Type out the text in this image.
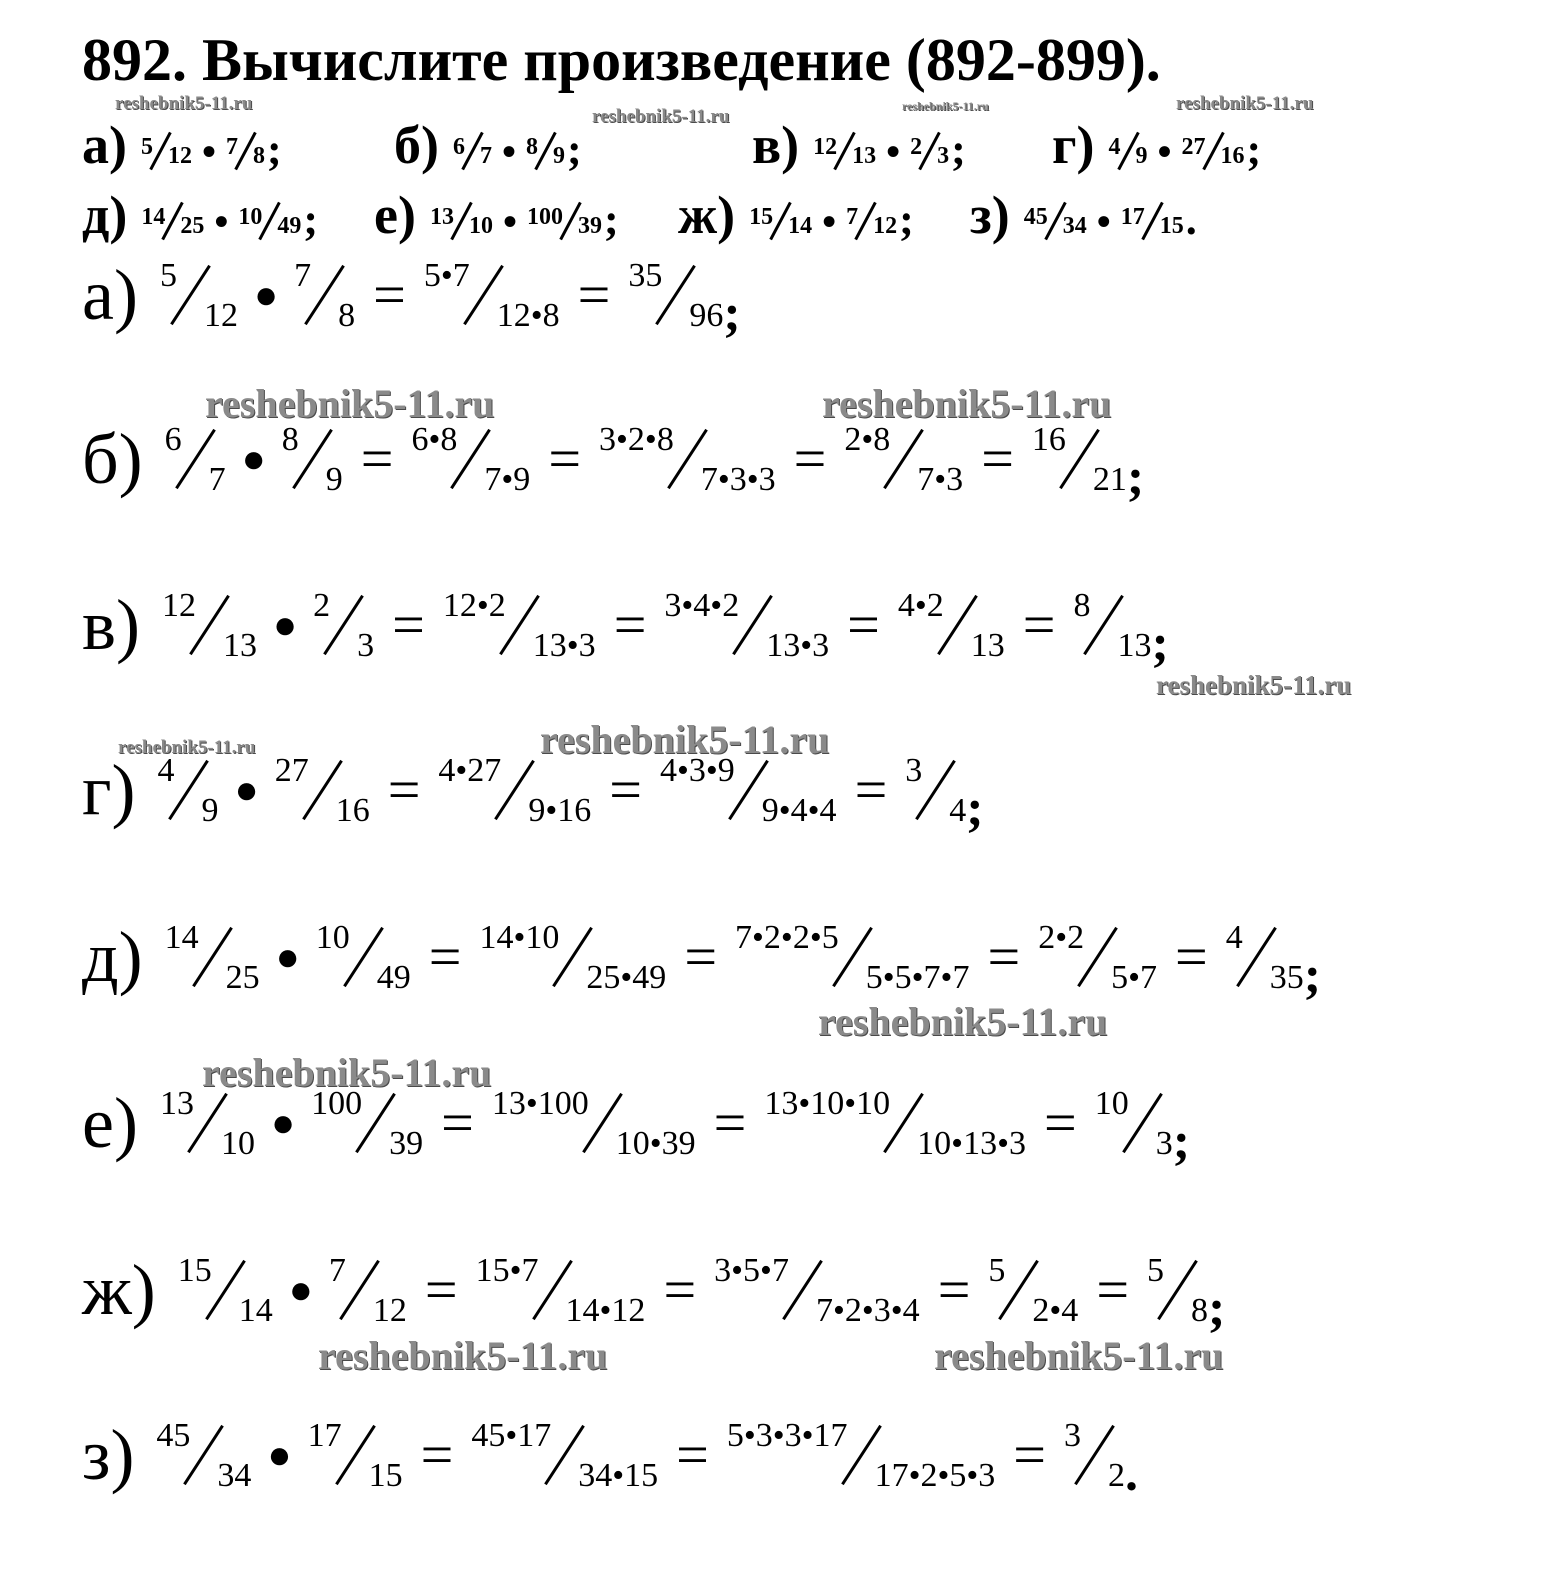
892. Вычислите произведение (892-899).
а) 5 12 • 7 8 ; б) 6 7 • 8 9 ;	в) 12 13 • 2 3 ; г) 4 9 • 27 16 ;
д) 14 25 • 10 49 ; е) 13 10 • 100 39 ; ж) 15 14 • 7 12 ; з) 45 34 • 17 15 .
а) 5
12 ● 7
8 = 5•7
12•8 = 35
96 ;
б) 6
7 ● 8
9 = 6•8
7•9 = 3•2•8
7•3•3 = 2•8
7•3 = 16
21 ;
в) 12
13 ● 2
3 = 12•2
13•3 = 3•4•2
13•3 = 4•2
13 = 8
13 ;
г) 4
9 ● 27
16 = 4•27
9•16 = 4•3•9
9•4•4 = 3
4 ;
д) 14
25 ● 10
49 = 14•10
25•49 = 7•2•2•5
5•5•7•7 = 2•2
5•7 = 4
35 ;
е) 13
10 ● 100
39 = 13•100
10•39 = 13•10•10
10•13•3 = 10
3 ;
ж) 15
14 ● 7
12 = 15•7
14•12 = 3•5•7
7•2•3•4 = 5
2•4 = 5
8 ;
з) 45
34 ● 17
15 = 45•17
34•15 = 5•3•3•17
17•2•5•3 = 3
2 .
reshebnik5-11.ru
reshebnik5-11.ru	reshebnik5-11.ru	reshebnik5-11.ru
reshebnik5-11.ru	reshebnik5-11.ru
reshebnik5-11.ru
reshebnik5-11.ru
reshebnik5-11.ru
reshebnik5-11.ru
reshebnik5-11.ru
reshebnik5-11.ru	reshebnik5-11.ru
